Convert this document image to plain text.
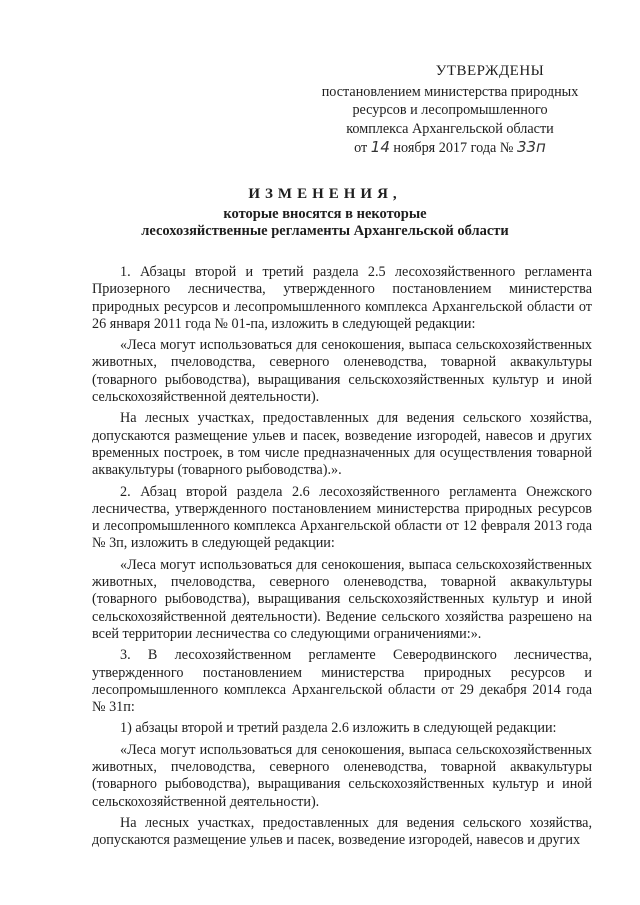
УТВЕРЖДЕНЫ
постановлением министерства природных
ресурсов и лесопромышленного
комплекса Архангельской области
от 14 ноября 2017 года № 33п
ИЗМЕНЕНИЯ,
которые вносятся в некоторые
лесохозяйственные регламенты Архангельской области

1. Абзацы второй и третий раздела 2.5 лесохозяйственного регламента Приозерного лесничества, утвержденного постановлением министерства природных ресурсов и лесопромышленного комплекса Архангельской области от 26 января 2011 года № 01-па, изложить в следующей редакции:

«Леса могут использоваться для сенокошения, выпаса сельскохозяйственных животных, пчеловодства, северного оленеводства, товарной аквакультуры (товарного рыбоводства), выращивания сельскохозяйственных культур и иной сельскохозяйственной деятельности).

На лесных участках, предоставленных для ведения сельского хозяйства, допускаются размещение ульев и пасек, возведение изгородей, навесов и других временных построек, в том числе предназначенных для осуществления товарной аквакультуры (товарного рыбоводства).».

2. Абзац второй раздела 2.6 лесохозяйственного регламента Онежского лесничества, утвержденного постановлением министерства природных ресурсов и лесопромышленного комплекса Архангельской области от 12 февраля 2013 года № 3п, изложить в следующей редакции:

«Леса могут использоваться для сенокошения, выпаса сельскохозяйственных животных, пчеловодства, северного оленеводства, товарной аквакультуры (товарного рыбоводства), выращивания сельскохозяйственных культур и иной сельскохозяйственной деятельности). Ведение сельского хозяйства разрешено на всей территории лесничества со следующими ограничениями:».

3. В лесохозяйственном регламенте Северодвинского лесничества, утвержденного постановлением министерства природных ресурсов и лесопромышленного комплекса Архангельской области от 29 декабря 2014 года № 31п:

1) абзацы второй и третий раздела 2.6 изложить в следующей редакции:

«Леса могут использоваться для сенокошения, выпаса сельскохозяйственных животных, пчеловодства, северного оленеводства, товарной аквакультуры (товарного рыбоводства), выращивания сельскохозяйственных культур и иной сельскохозяйственной деятельности).

На лесных участках, предоставленных для ведения сельского хозяйства, допускаются размещение ульев и пасек, возведение изгородей, навесов и других
